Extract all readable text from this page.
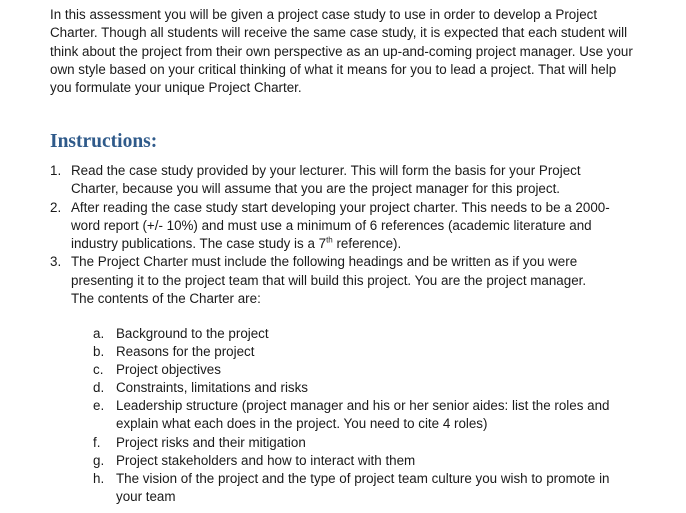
In this assessment you will be given a project case study to use in order to develop a Project Charter. Though all students will receive the same case study, it is expected that each student will think about the project from their own perspective as an up-and-coming project manager. Use your own style based on your critical thinking of what it means for you to lead a project. That will help you formulate your unique Project Charter.

Instructions:
1. Read the case study provided by your lecturer. This will form the basis for your Project Charter, because you will assume that you are the project manager for this project.
2. After reading the case study start developing your project charter. This needs to be a 2000-word report (+/- 10%) and must use a minimum of 6 references (academic literature and industry publications. The case study is a 7th reference).
3. The Project Charter must include the following headings and be written as if you were presenting it to the project team that will build this project. You are the project manager. The contents of the Charter are:
a. Background to the project
b. Reasons for the project
c. Project objectives
d. Constraints, limitations and risks
e. Leadership structure (project manager and his or her senior aides: list the roles and explain what each does in the project. You need to cite 4 roles)
f. Project risks and their mitigation
g. Project stakeholders and how to interact with them
h. The vision of the project and the type of project team culture you wish to promote in your team
